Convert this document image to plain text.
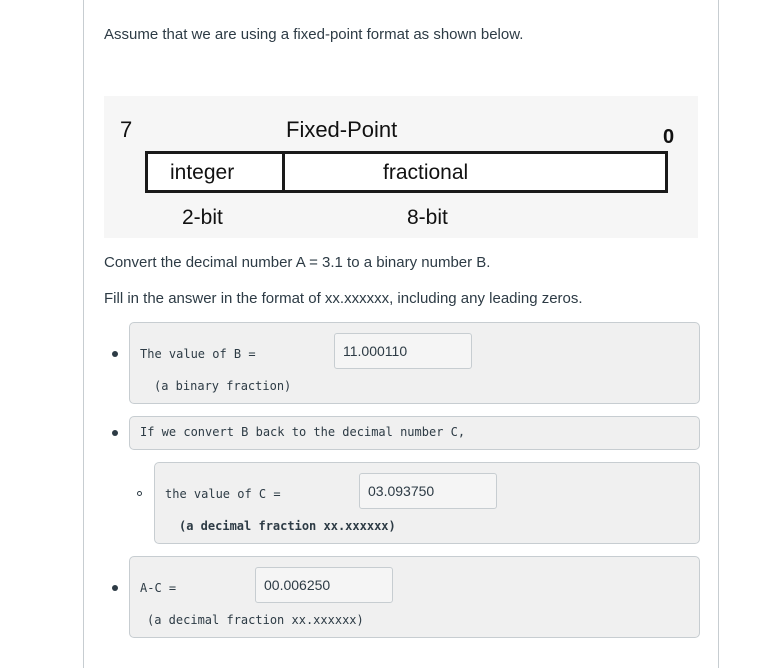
Assume that we are using a fixed-point format as shown below.
7	Fixed-Point	0
integer	fractional
2-bit	8-bit
Convert the decimal number A = 3.1 to a binary number B.
Fill in the answer in the format of xx.xxxxxx, including any leading zeros.
The value of B =
(a binary fraction)
11.000110
If we convert B back to the decimal number C,
the value of C =
(a decimal fraction xx.xxxxxx)
03.093750
A-C =
(a decimal fraction xx.xxxxxx)
00.006250
